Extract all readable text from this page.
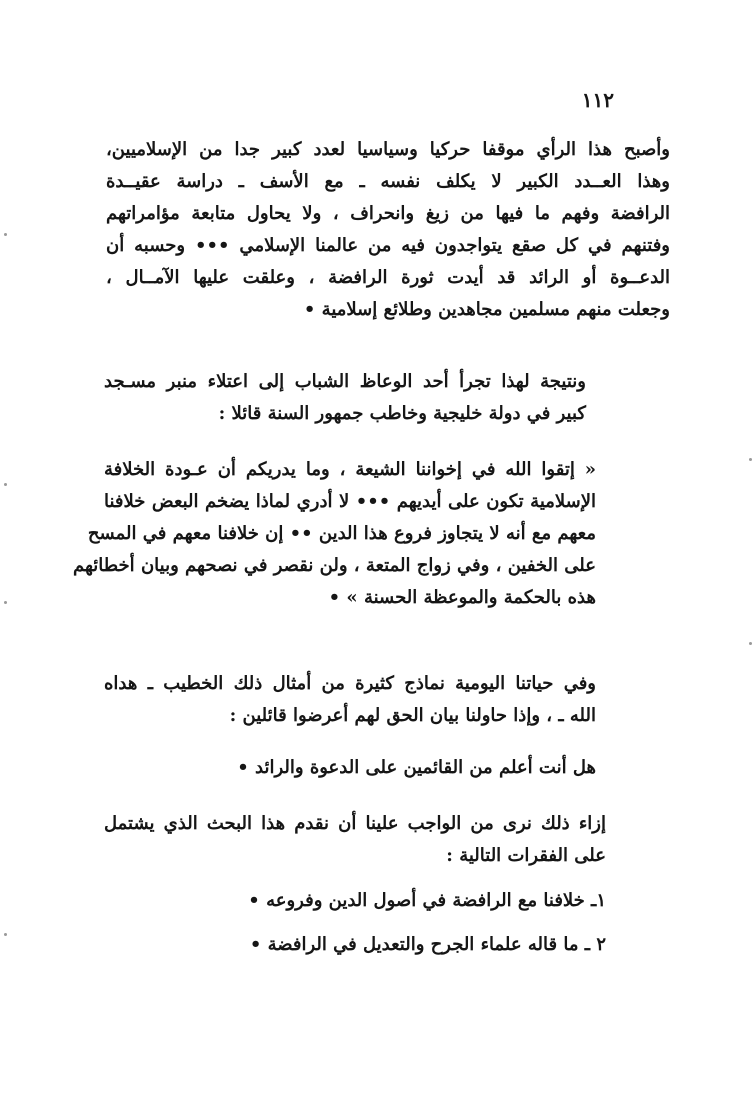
١١٢
وأصبح هذا الرأي موقفا حركيا وسياسيا لعدد كبير جدا من الإسلاميين،
وهذا العــدد الكبير لا يكلف نفسه ـ مع الأسف ـ دراسة عقيــدة
الرافضة وفهم ما فيها من زيغ وانحراف ، ولا يحاول متابعة مؤامراتهم
وفتنهم في كل صقع يتواجدون فيه من عالمنا الإسلامي ••• وحسبه أن
الدعــوة أو الرائد قد أيدت ثورة الرافضة ، وعلقت عليها الآمــال ،
وجعلت منهم مسلمين مجاهدين وطلائع إسلامية •
ونتيجة لهذا تجرأ أحد الوعاظ الشباب إلى اعتلاء منبر مسـجد
كبير في دولة خليجية وخاطب جمهور السنة قائلا :
« إتقوا الله في إخواننا الشيعة ، وما يدريكم أن عـودة الخلافة
الإسلامية تكون على أيديهم ••• لا أدري لماذا يضخم البعض خلافنا
معهم مع أنه لا يتجاوز فروع هذا الدين •• إن خلافنا معهم في المسح
على الخفين ، وفي زواج المتعة ، ولن نقصر في نصحهم وبيان أخطائهم
هذه بالحكمة والموعظة الحسنة » •
وفي حياتنا اليومية نماذج كثيرة من أمثال ذلك الخطيب ـ هداه
الله ـ ، وإذا حاولنا بيان الحق لهم أعرضوا قائلين :
هل أنت أعلم من القائمين على الدعوة والرائد •
إزاء ذلك نرى من الواجب علينا أن نقدم هذا البحث الذي يشتمل
على الفقرات التالية :
١ـ خلافنا مع الرافضة في أصول الدين وفروعه •
٢ ـ ما قاله علماء الجرح والتعديل في الرافضة •
